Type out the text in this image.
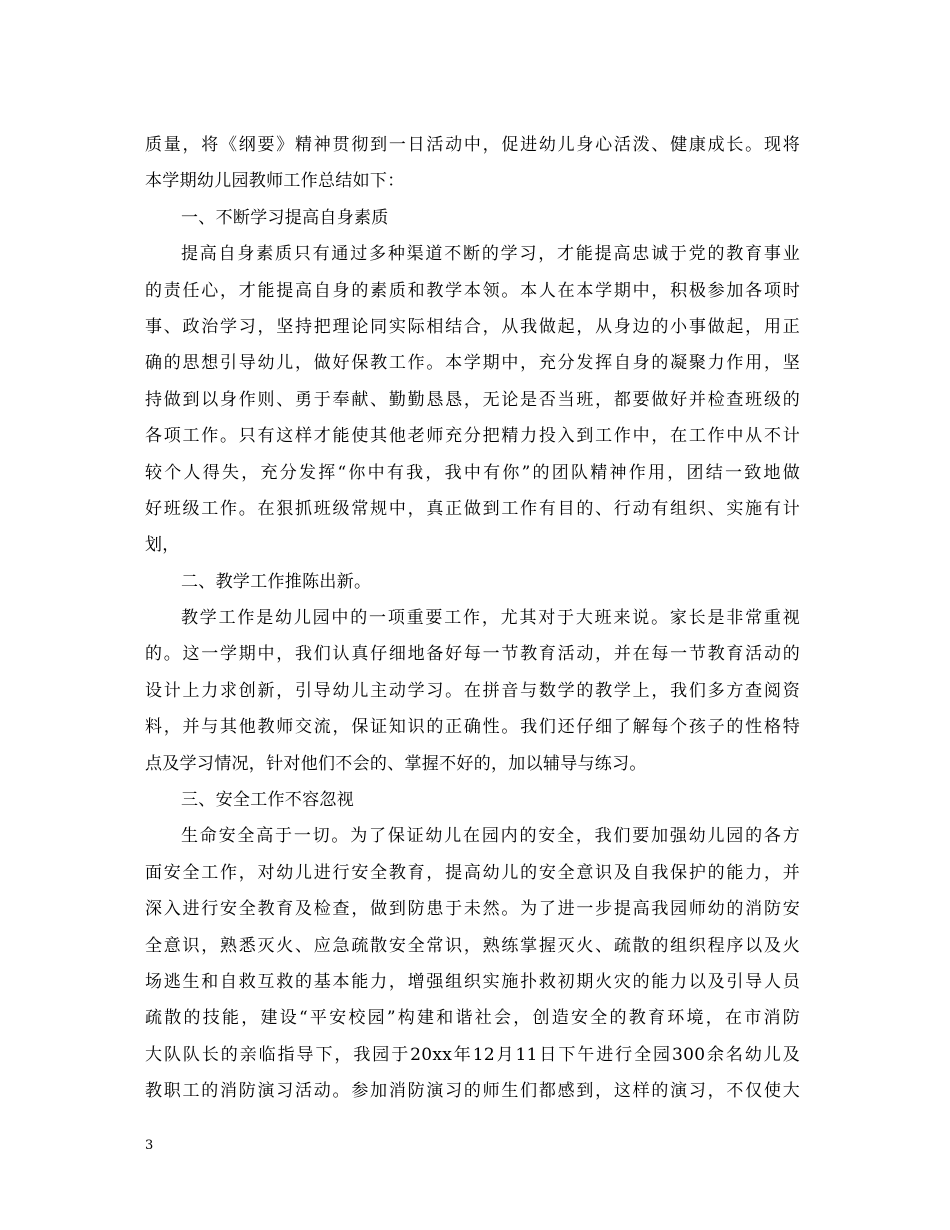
质量，将《纲要》精神贯彻到一日活动中，促进幼儿身心活泼、健康成长。现将
本学期幼儿园教师工作总结如下：
一、不断学习提高自身素质
提高自身素质只有通过多种渠道不断的学习，才能提高忠诚于党的教育事业
的责任心，才能提高自身的素质和教学本领。本人在本学期中，积极参加各项时
事、政治学习，坚持把理论同实际相结合，从我做起，从身边的小事做起，用正
确的思想引导幼儿，做好保教工作。本学期中，充分发挥自身的凝聚力作用，坚
持做到以身作则、勇于奉献、勤勤恳恳，无论是否当班，都要做好并检查班级的
各项工作。只有这样才能使其他老师充分把精力投入到工作中，在工作中从不计
较个人得失，充分发挥“你中有我，我中有你”的团队精神作用，团结一致地做
好班级工作。在狠抓班级常规中，真正做到工作有目的、行动有组织、实施有计
划，
二、教学工作推陈出新。
教学工作是幼儿园中的一项重要工作，尤其对于大班来说。家长是非常重视
的。这一学期中，我们认真仔细地备好每一节教育活动，并在每一节教育活动的
设计上力求创新，引导幼儿主动学习。在拼音与数学的教学上，我们多方查阅资
料，并与其他教师交流，保证知识的正确性。我们还仔细了解每个孩子的性格特
点及学习情况，针对他们不会的、掌握不好的，加以辅导与练习。
三、安全工作不容忽视
生命安全高于一切。为了保证幼儿在园内的安全，我们要加强幼儿园的各方
面安全工作，对幼儿进行安全教育，提高幼儿的安全意识及自我保护的能力，并
深入进行安全教育及检查，做到防患于未然。为了进一步提高我园师幼的消防安
全意识，熟悉灭火、应急疏散安全常识，熟练掌握灭火、疏散的组织程序以及火
场逃生和自救互救的基本能力，增强组织实施扑救初期火灾的能力以及引导人员
疏散的技能，建设“平安校园”构建和谐社会，创造安全的教育环境，在市消防
大队队长的亲临指导下，我园于20xx年12月11日下午进行全园300余名幼儿及
教职工的消防演习活动。参加消防演习的师生们都感到，这样的演习，不仅使大
3
